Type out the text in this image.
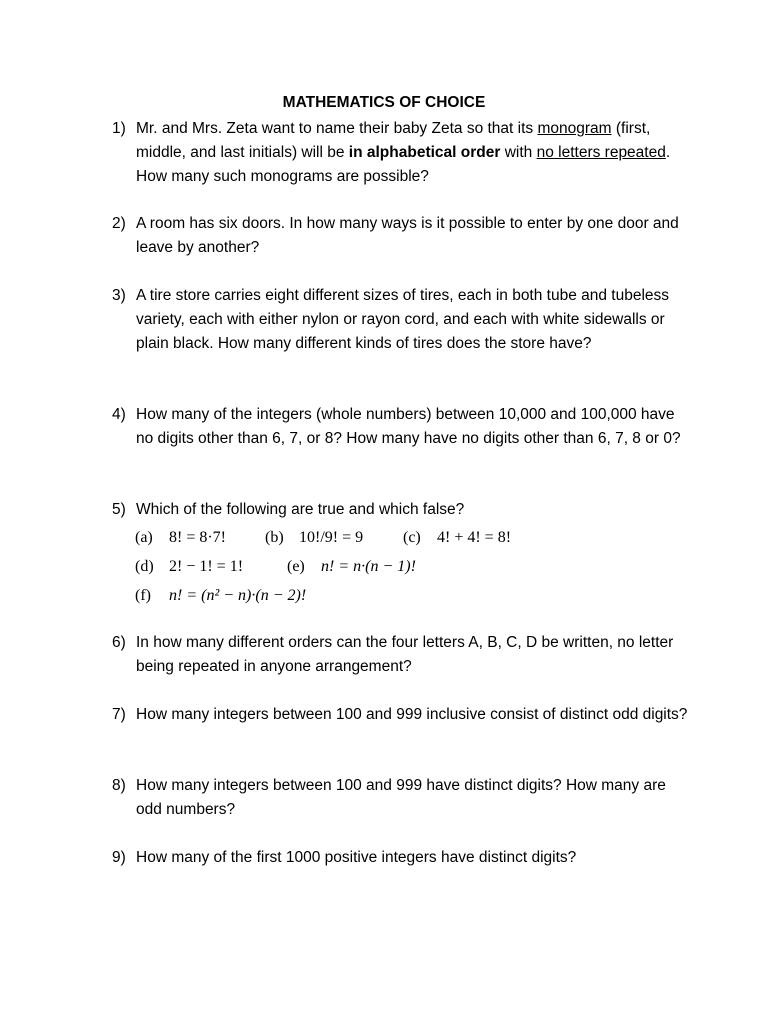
MATHEMATICS OF CHOICE
1) Mr. and Mrs. Zeta want to name their baby Zeta so that its monogram (first, middle, and last initials) will be in alphabetical order with no letters repeated. How many such monograms are possible?
2) A room has six doors. In how many ways is it possible to enter by one door and leave by another?
3) A tire store carries eight different sizes of tires, each in both tube and tubeless variety, each with either nylon or rayon cord, and each with white sidewalls or plain black. How many different kinds of tires does the store have?
4) How many of the integers (whole numbers) between 10,000 and 100,000 have no digits other than 6, 7, or 8? How many have no digits other than 6, 7, 8 or 0?
5) Which of the following are true and which false?
(a) 8! = 8·7! (b) 10!/9! = 9 (c) 4! + 4! = 8!
(d) 2! − 1! = 1!	(e) n! = n·(n − 1)!
(f) n! = (n² − n)·(n − 2)!
6) In how many different orders can the four letters A, B, C, D be written, no letter being repeated in anyone arrangement?
7) How many integers between 100 and 999 inclusive consist of distinct odd digits?
8) How many integers between 100 and 999 have distinct digits? How many are odd numbers?
9) How many of the first 1000 positive integers have distinct digits?
